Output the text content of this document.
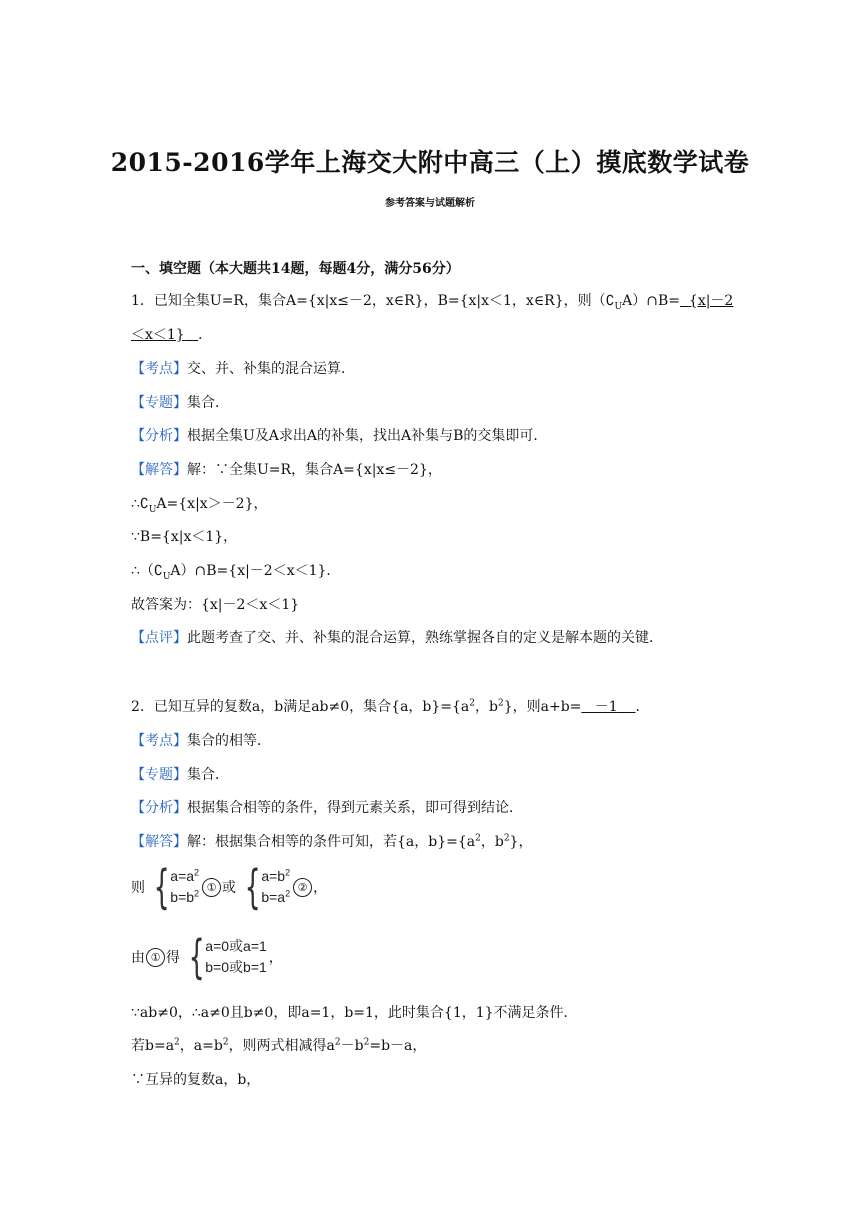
2015-2016学年上海交大附中高三（上）摸底数学试卷
参考答案与试题解析
一、填空题（本大题共14题，每题4分，满分56分）
1．已知全集U=R，集合A={x|x≤－2，x∈R}，B={x|x＜1，x∈R}，则$(∁_UA)\cap B= \{x|-2$
＜x＜1} ．
【考点】交、并、补集的混合运算．
【专题】集合．
【分析】根据全集U及A求出A的补集，找出A补集与B的交集即可．
【解答】解：∵全集U=R，集合A={x|x≤－2}，
$\therefore∁_UA=\{x|x>-2\}$，
∵B={x|x＜1}，
$\therefore(∁_UA)\cap B=\{x|-2<x<1\}$．
故答案为：{x|－2＜x＜1}
【点评】此题考查了交、并、补集的混合运算，熟练掌握各自的定义是解本题的关键．
2．已知互异的复数a，b满足ab≠0，集合{a，$b\}=\{a^2$，$b^2$}，则a+b= －1 ．
【考点】集合的相等．
【专题】集合．
【分析】根据集合相等的条件，得到元素关系，即可得到结论．
【解答】解：根据集合相等的条件可知，若{a，$b\}=\{a^2$，$b^2$}，
则 { $a=a^2$
$b=b^2$ ① 或 { $a=b^2$
$b=a^2$ ② ，
由 ① 得 { a=0或a=1
b=0或b=1
，
∵ab≠0，∴a≠0且b≠0，即a=1，b=1，此时集合{1，1}不满足条件．
若$b=a^2$，$a=b^2$，则两式相减得$a^2-b^2=b-a$，
∵互异的复数a，b，
